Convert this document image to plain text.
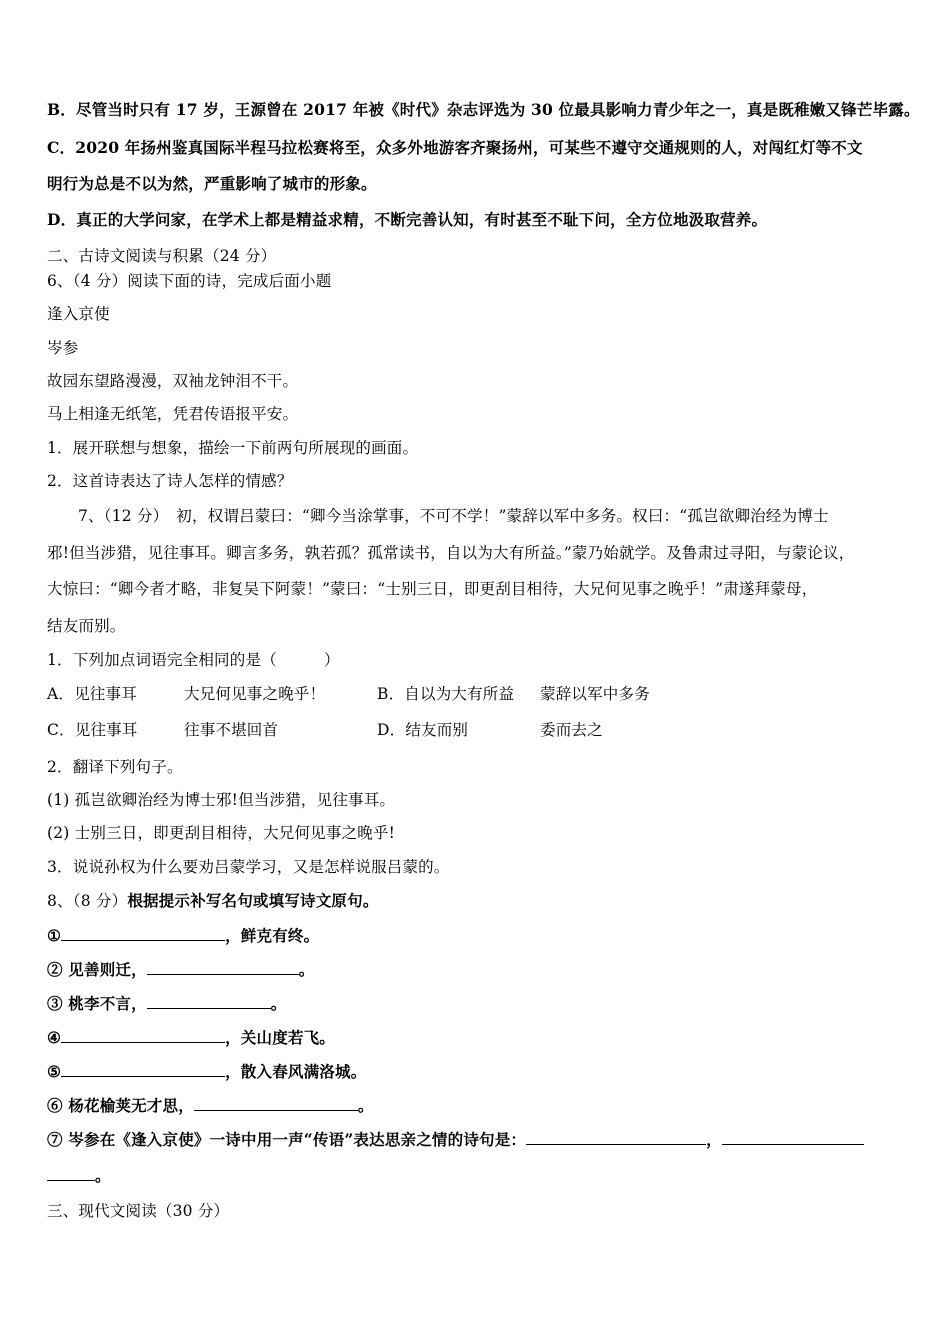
B．尽管当时只有 17 岁，王源曾在 2017 年被《时代》杂志评选为 30 位最具影响力青少年之一，真是既稚嫩又锋芒毕露。
C．2020 年扬州鉴真国际半程马拉松赛将至，众多外地游客齐聚扬州，可某些不遵守交通规则的人，对闯红灯等不文
明行为总是不以为然，严重影响了城市的形象。
D．真正的大学问家，在学术上都是精益求精，不断完善认知，有时甚至不耻下问，全方位地汲取营养。
二、古诗文阅读与积累（24 分）
6、（4 分）阅读下面的诗，完成后面小题
逢入京使
岑参
故园东望路漫漫，双袖龙钟泪不干。
马上相逢无纸笔，凭君传语报平安。
1．展开联想与想象，描绘一下前两句所展现的画面。
2．这首诗表达了诗人怎样的情感？
7、（12 分）　初，权谓吕蒙曰：“卿今当涂掌事，不可不学！”蒙辞以军中多务。权曰：“孤岂欲卿治经为博士
邪!但当涉猎，见往事耳。卿言多务，孰若孤？孤常读书，自以为大有所益。”蒙乃始就学。及鲁肃过寻阳，与蒙论议，
大惊曰：“卿今者才略，非复吴下阿蒙！”蒙曰：“士别三日，即更刮目相待，大兄何见事之晚乎！”肃遂拜蒙母，
结友而别。
1．下列加点词语完全相同的是（　　　）
A．见往事耳	大兄何见事之晚乎！	B．自以为大有所益 蒙辞以军中多务
C．见往事耳	往事不堪回首	D．结友而别	委而去之
2．翻译下列句子。
(1) 孤岂欲卿治经为博士邪!但当涉猎，见往事耳。
(2) 士别三日，即更刮目相待，大兄何见事之晚乎!
3．说说孙权为什么要劝吕蒙学习，又是怎样说服吕蒙的。
8、（8 分）根据提示补写名句或填写诗文原句。
①	，鲜克有终。
② 见善则迁，	。
③ 桃李不言，	。
④	，关山度若飞。
⑤	，散入春风满洛城。
⑥ 杨花榆荚无才思，	。
⑦ 岑参在《逢入京使》一诗中用一声“传语”表达思亲之情的诗句是：	，
。
三、现代文阅读（30 分）
